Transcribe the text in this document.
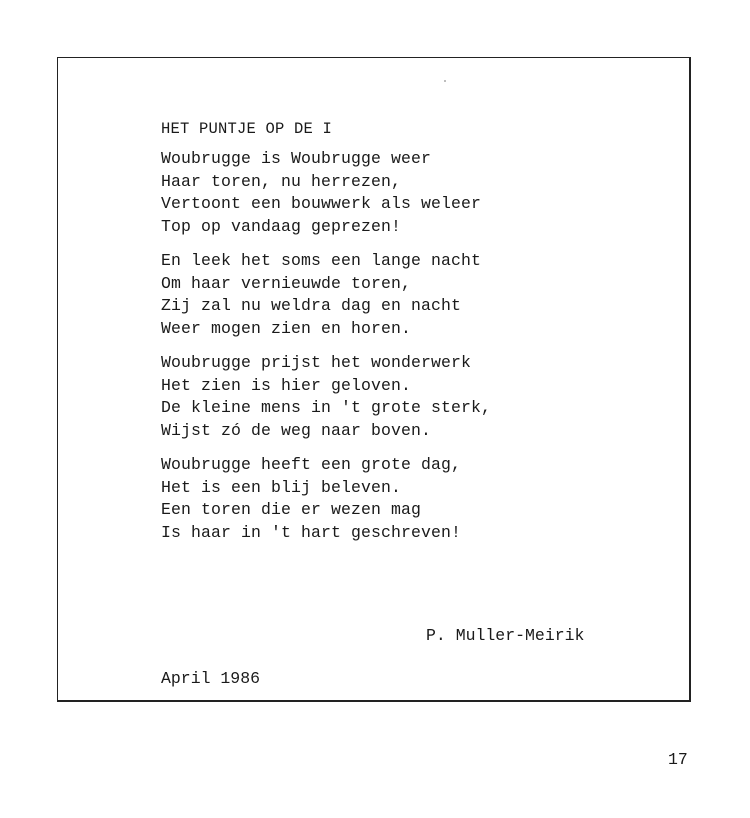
HET PUNTJE OP DE I
Woubrugge is Woubrugge weer
Haar toren, nu herrezen,
Vertoont een bouwwerk als weleer
Top op vandaag geprezen!
En leek het soms een lange nacht
Om haar vernieuwde toren,
Zij zal nu weldra dag en nacht
Weer mogen zien en horen.
Woubrugge prijst het wonderwerk
Het zien is hier geloven.
De kleine mens in 't grote sterk,
Wijst zó de weg naar boven.
Woubrugge heeft een grote dag,
Het is een blij beleven.
Een toren die er wezen mag
Is haar in 't hart geschreven!
P. Muller-Meirik
April 1986
17
